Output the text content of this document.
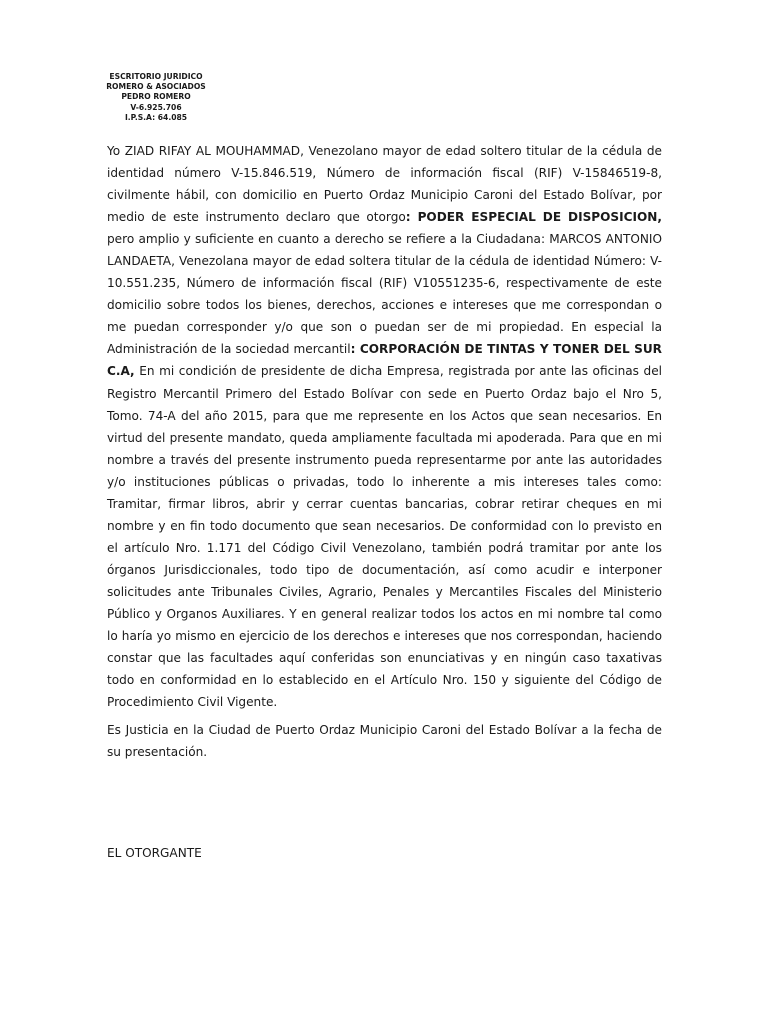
ESCRITORIO JURIDICO
ROMERO & ASOCIADOS
PEDRO ROMERO
V-6.925.706
I.P.S.A: 64.085

Yo ZIAD RIFAY AL MOUHAMMAD, Venezolano mayor de edad soltero titular de la cédula de identidad número V-15.846.519, Número de información fiscal (RIF) V-15846519-8, civilmente hábil, con domicilio en Puerto Ordaz Municipio Caroni del Estado Bolívar, por medio de este instrumento declaro que otorgo: PODER ESPECIAL DE DISPOSICION, pero amplio y suficiente en cuanto a derecho se refiere a la Ciudadana: MARCOS ANTONIO LANDAETA, Venezolana mayor de edad soltera titular de la cédula de identidad Número: V-10.551.235, Número de información fiscal (RIF) V10551235-6, respectivamente de este domicilio sobre todos los bienes, derechos, acciones e intereses que me correspondan o me puedan corresponder y/o que son o puedan ser de mi propiedad. En especial la Administración de la sociedad mercantil: CORPORACIÓN DE TINTAS Y TONER DEL SUR C.A, En mi condición de presidente de dicha Empresa, registrada por ante las oficinas del Registro Mercantil Primero del Estado Bolívar con sede en Puerto Ordaz bajo el Nro 5, Tomo. 74-A del año 2015, para que me represente en los Actos que sean necesarios. En virtud del presente mandato, queda ampliamente facultada mi apoderada. Para que en mi nombre a través del presente instrumento pueda representarme por ante las autoridades y/o instituciones públicas o privadas, todo lo inherente a mis intereses tales como: Tramitar, firmar libros, abrir y cerrar cuentas bancarias, cobrar retirar cheques en mi nombre y en fin todo documento que sean necesarios. De conformidad con lo previsto en el artículo Nro. 1.171 del Código Civil Venezolano, también podrá tramitar por ante los órganos Jurisdiccionales, todo tipo de documentación, así como acudir e interponer solicitudes ante Tribunales Civiles, Agrario, Penales y Mercantiles Fiscales del Ministerio Público y Organos Auxiliares. Y en general realizar todos los actos en mi nombre tal como lo haría yo mismo en ejercicio de los derechos e intereses que nos correspondan, haciendo constar que las facultades aquí conferidas son enunciativas y en ningún caso taxativas todo en conformidad en lo establecido en el Artículo Nro. 150 y siguiente del Código de Procedimiento Civil Vigente.

Es Justicia en la Ciudad de Puerto Ordaz Municipio Caroni del Estado Bolívar a la fecha de su presentación.

EL OTORGANTE
